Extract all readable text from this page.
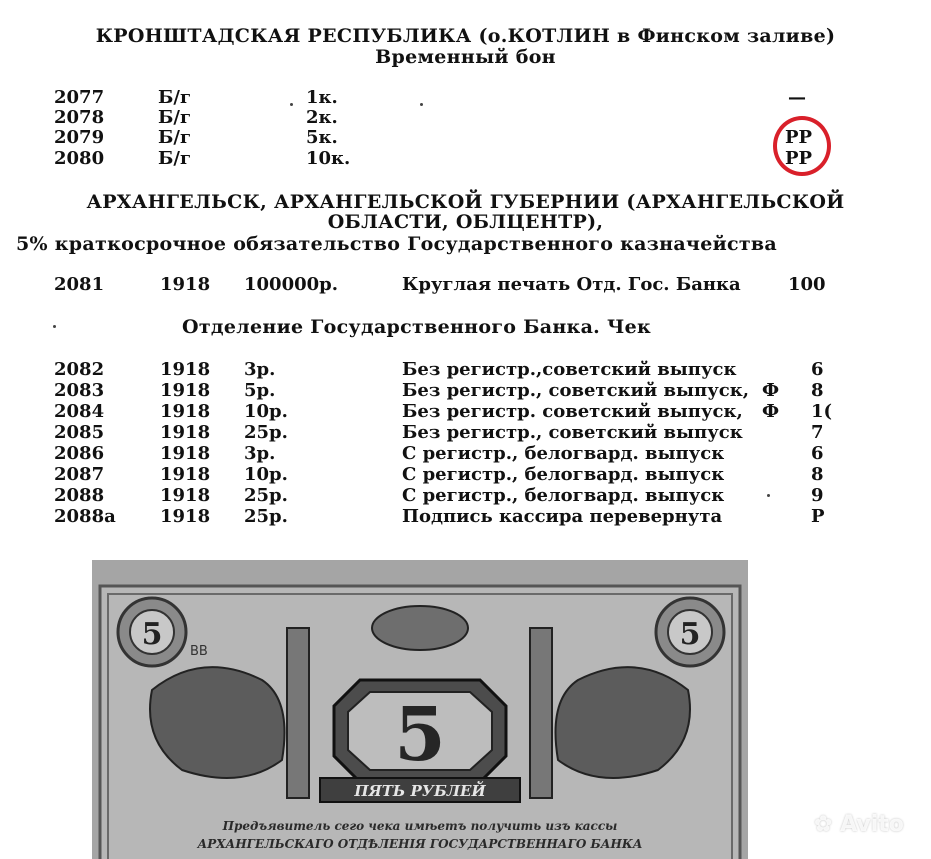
КРОНШТАДСКАЯ РЕСПУБЛИКА (о.КОТЛИН в Финском заливе)
Временный бон
2077	Б/г	1к.	—
2078	Б/г	2к.
2079	Б/г	5к.	РР
2080	Б/г	10к.	РР
АРХАНГЕЛЬСК, АРХАНГЕЛЬСКОЙ ГУБЕРНИИ (АРХАНГЕЛЬСКОЙ
ОБЛАСТИ, ОБЛЦЕНТР),
5% краткосрочное обязательство Государственного казначейства
2081	1918 100000р.	Круглая печать Отд. Гос. Банка	100
Отделение Государственного Банка. Чек
2082	1918 3р.	Без регистр.,советский выпуск	6
2083	1918 5р.	Без регистр., советский выпуск, Ф 8
2084	1918 10р.	Без регистр. советский выпуск, Ф 1(
2085	1918 25р.	Без регистр., советский выпуск	7
2086	1918 3р.	С регистр., белогвард. выпуск	6
2087	1918 10р.	С регистр., белогвард. выпуск	8
2088	1918 25р.	С регистр., белогвард. выпуск	9
2088а 1918 25р.	Подпись кассира перевернута	Р
5	5
ВВ
5
ПЯТЬ РУБЛЕЙ
Предъявитель сего чека имѣетъ получить изъ кассы
АРХАНГЕЛЬСКАГО ОТДѢЛЕНІЯ ГОСУДАРСТВЕННАГО БАНКА
✿ Avito
